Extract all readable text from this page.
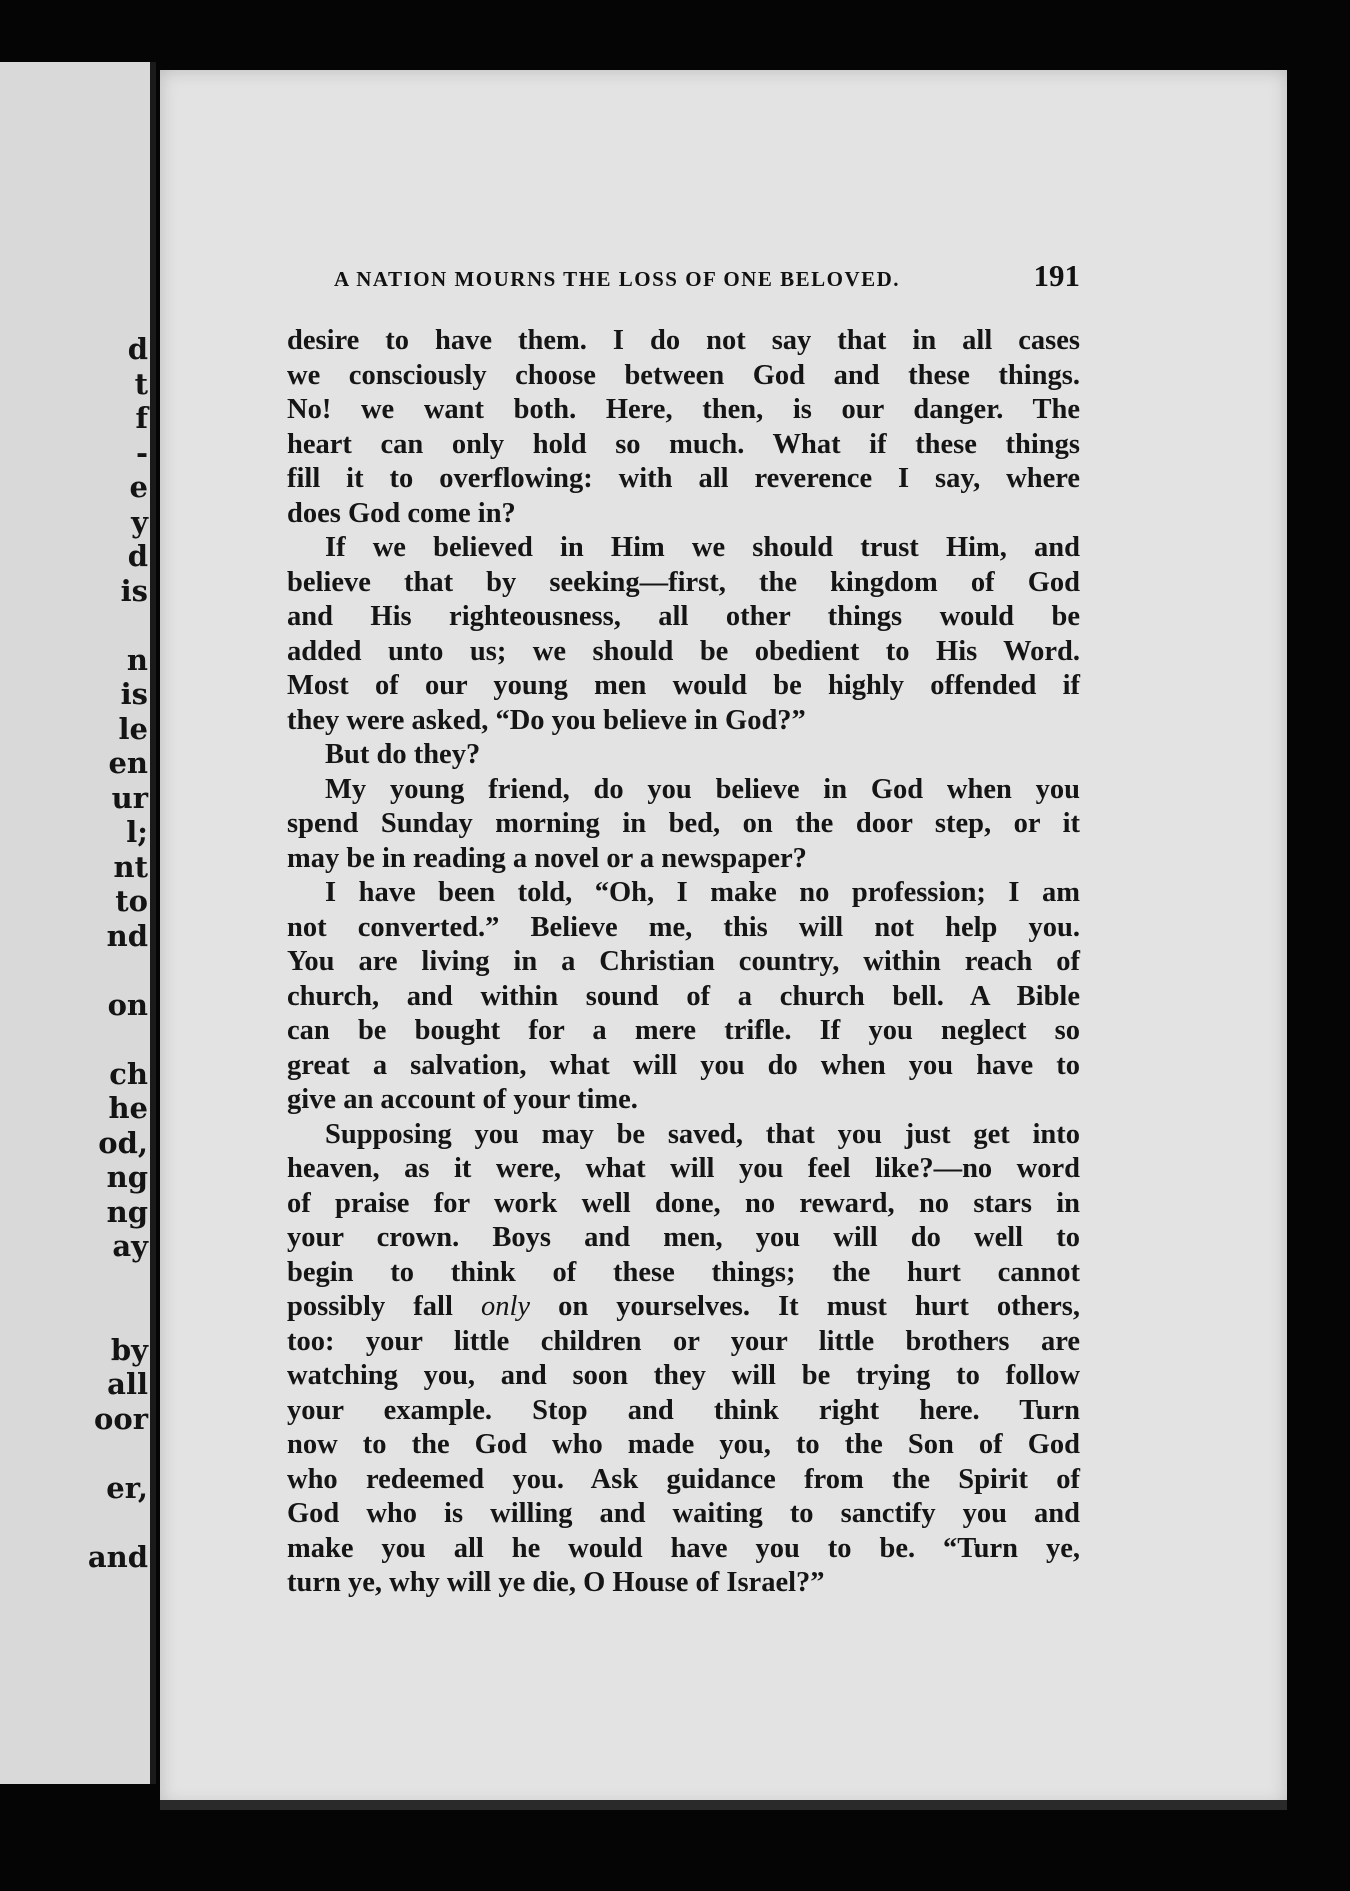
d
t
f
-
e
y
d
is

n
is
le
en
ur
l;
nt
to
nd

on

ch
he
od,
ng
ng
ay

by
all
oor

er,

and
A NATION MOURNS THE LOSS OF ONE BELOVED.	191
desire to have them. I do not say that in all cases
we consciously choose between God and these things.
No! we want both. Here, then, is our danger. The
heart can only hold so much. What if these things
fill it to overflowing: with all reverence I say, where
does God come in?
If we believed in Him we should trust Him, and
believe that by seeking—first, the kingdom of God
and His righteousness, all other things would be
added unto us; we should be obedient to His Word.
Most of our young men would be highly offended if
they were asked, “Do you believe in God?”
But do they?
My young friend, do you believe in God when you
spend Sunday morning in bed, on the door step, or it
may be in reading a novel or a newspaper?
I have been told, “Oh, I make no profession; I am
not converted.” Believe me, this will not help you.
You are living in a Christian country, within reach of
church, and within sound of a church bell. A Bible
can be bought for a mere trifle. If you neglect so
great a salvation, what will you do when you have to
give an account of your time.
Supposing you may be saved, that you just get into
heaven, as it were, what will you feel like?—no word
of praise for work well done, no reward, no stars in
your crown. Boys and men, you will do well to
begin to think of these things; the hurt cannot
possibly fall only on yourselves. It must hurt others,
too: your little children or your little brothers are
watching you, and soon they will be trying to follow
your example. Stop and think right here. Turn
now to the God who made you, to the Son of God
who redeemed you. Ask guidance from the Spirit of
God who is willing and waiting to sanctify you and
make you all he would have you to be. “Turn ye,
turn ye, why will ye die, O House of Israel?”
